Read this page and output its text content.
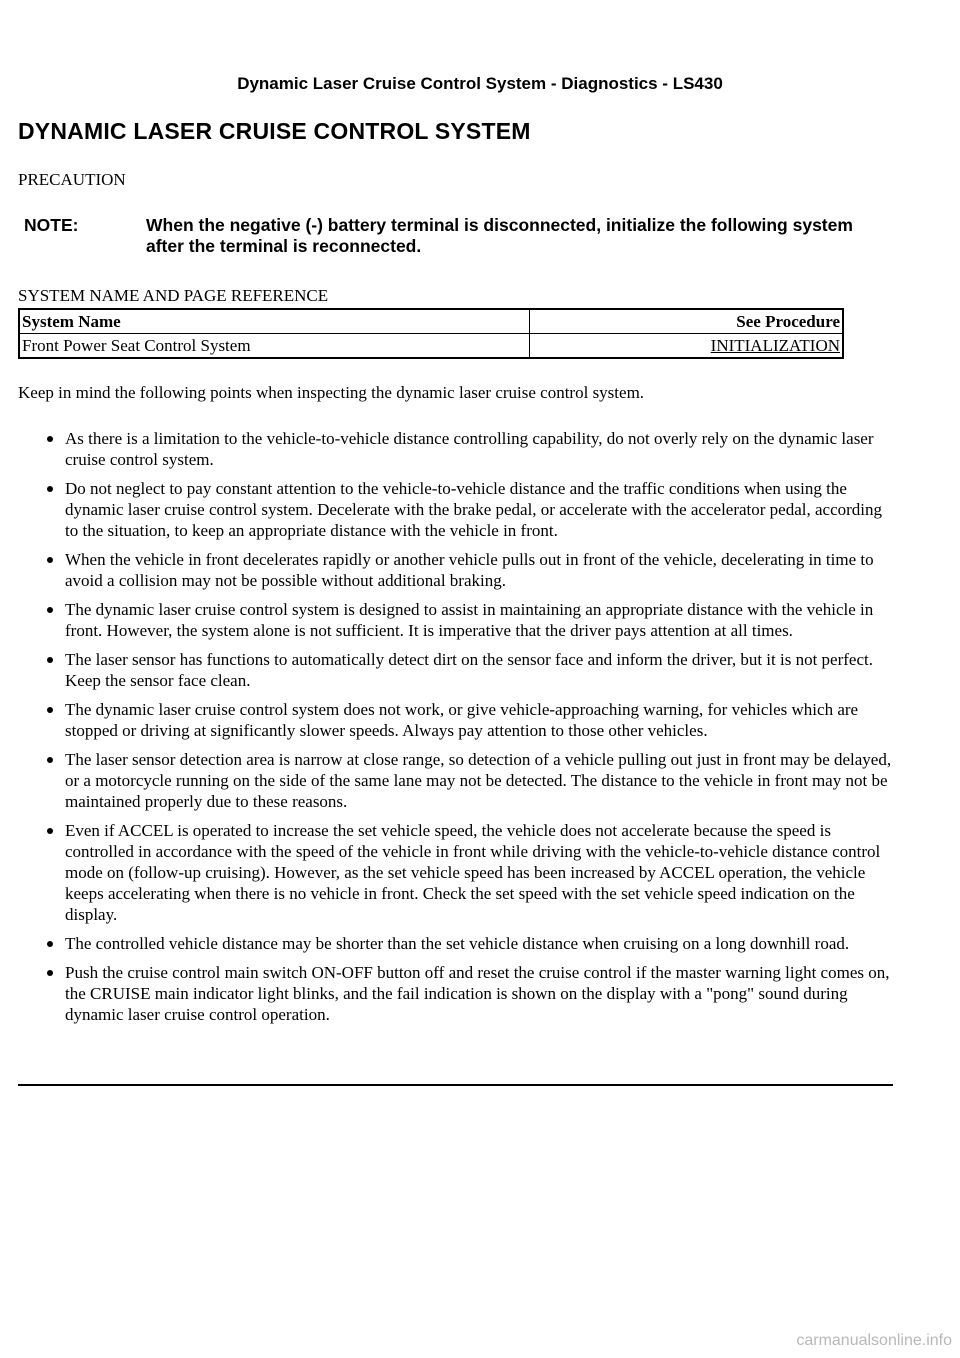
Dynamic Laser Cruise Control System - Diagnostics - LS430
DYNAMIC LASER CRUISE CONTROL SYSTEM
PRECAUTION
NOTE:	When the negative (-) battery terminal is disconnected, initialize the following system after the terminal is reconnected.
SYSTEM NAME AND PAGE REFERENCE
System Name	See Procedure
Front Power Seat Control System	INITIALIZATION
Keep in mind the following points when inspecting the dynamic laser cruise control system.
As there is a limitation to the vehicle-to-vehicle distance controlling capability, do not overly rely on the dynamic laser cruise control system.
Do not neglect to pay constant attention to the vehicle-to-vehicle distance and the traffic conditions when using the dynamic laser cruise control system. Decelerate with the brake pedal, or accelerate with the accelerator pedal, according to the situation, to keep an appropriate distance with the vehicle in front.
When the vehicle in front decelerates rapidly or another vehicle pulls out in front of the vehicle, decelerating in time to avoid a collision may not be possible without additional braking.
The dynamic laser cruise control system is designed to assist in maintaining an appropriate distance with the vehicle in front. However, the system alone is not sufficient. It is imperative that the driver pays attention at all times.
The laser sensor has functions to automatically detect dirt on the sensor face and inform the driver, but it is not perfect. Keep the sensor face clean.
The dynamic laser cruise control system does not work, or give vehicle-approaching warning, for vehicles which are stopped or driving at significantly slower speeds. Always pay attention to those other vehicles.
The laser sensor detection area is narrow at close range, so detection of a vehicle pulling out just in front may be delayed, or a motorcycle running on the side of the same lane may not be detected. The distance to the vehicle in front may not be maintained properly due to these reasons.
Even if ACCEL is operated to increase the set vehicle speed, the vehicle does not accelerate because the speed is controlled in accordance with the speed of the vehicle in front while driving with the vehicle-to-vehicle distance control mode on (follow-up cruising). However, as the set vehicle speed has been increased by ACCEL operation, the vehicle keeps accelerating when there is no vehicle in front. Check the set speed with the set vehicle speed indication on the display.
The controlled vehicle distance may be shorter than the set vehicle distance when cruising on a long downhill road.
Push the cruise control main switch ON-OFF button off and reset the cruise control if the master warning light comes on, the CRUISE main indicator light blinks, and the fail indication is shown on the display with a "pong" sound during dynamic laser cruise control operation.
carmanualsonline.info
